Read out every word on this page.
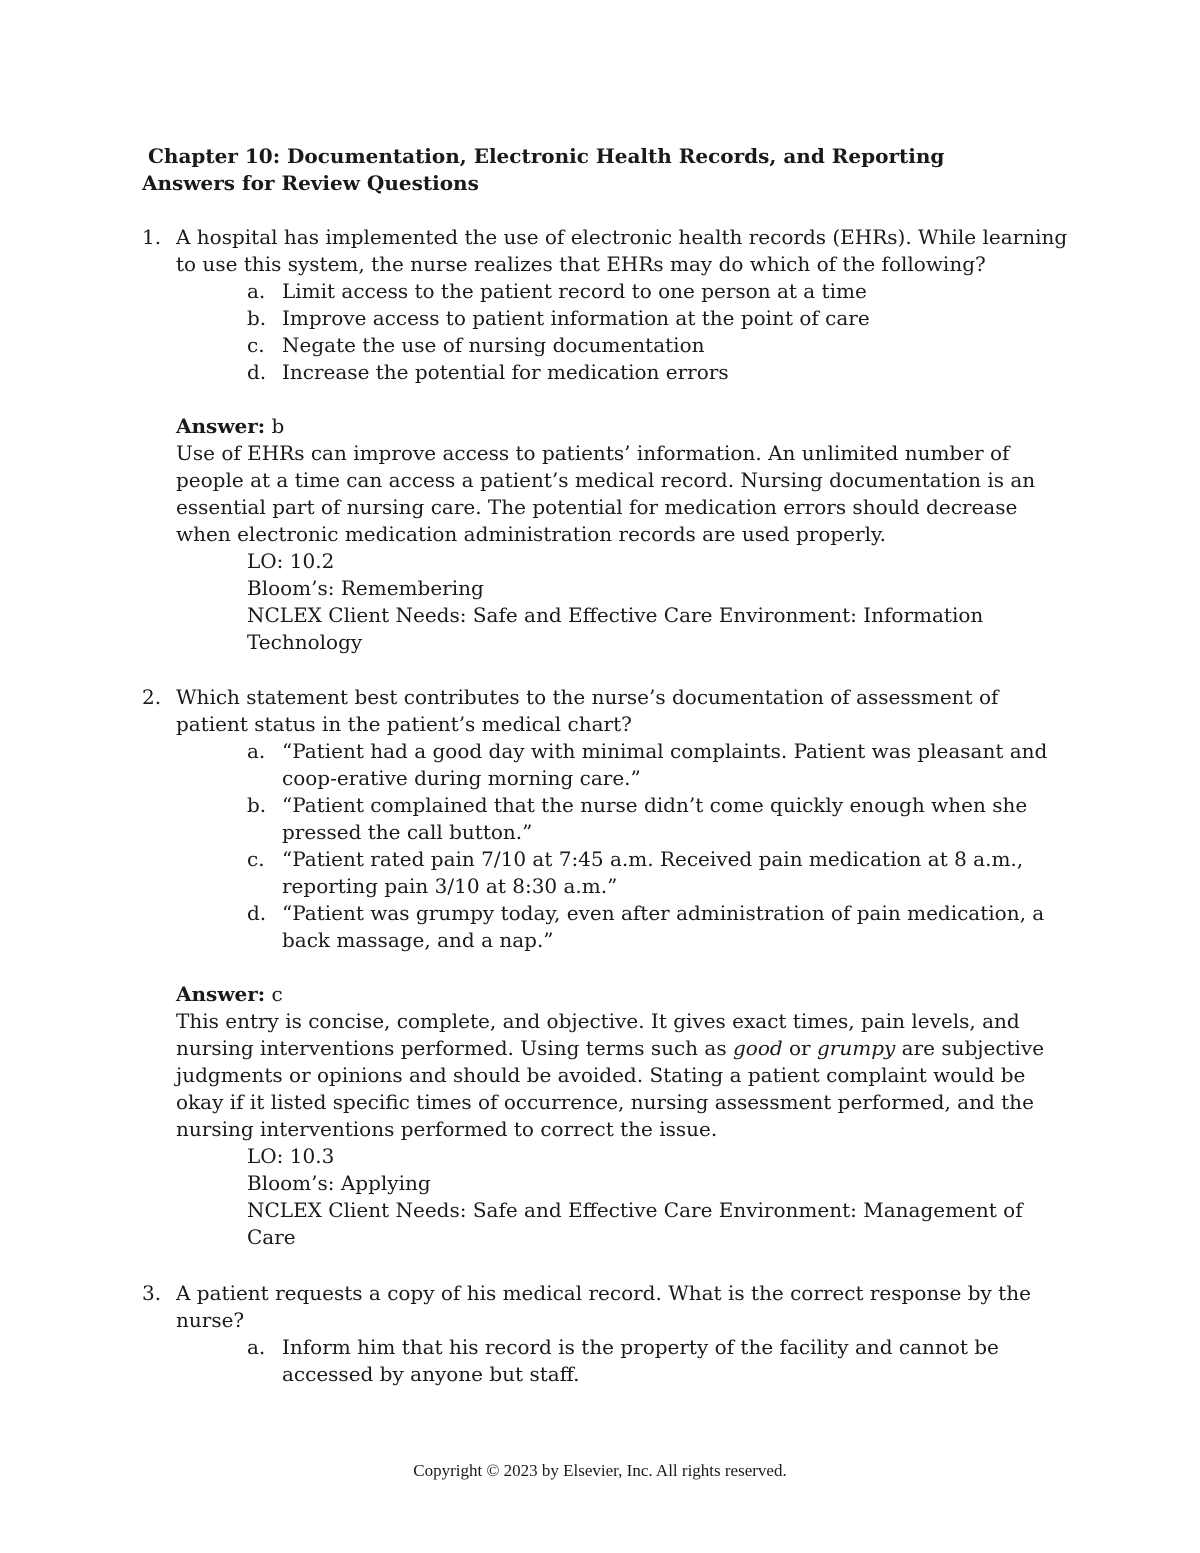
Chapter 10: Documentation, Electronic Health Records, and Reporting
Answers for Review Questions
1. A hospital has implemented the use of electronic health records (EHRs). While learning to use this system, the nurse realizes that EHRs may do which of the following?
a. Limit access to the patient record to one person at a time
b. Improve access to patient information at the point of care
c. Negate the use of nursing documentation
d. Increase the potential for medication errors
Answer: b
Use of EHRs can improve access to patients’ information. An unlimited number of people at a time can access a patient’s medical record. Nursing documentation is an essential part of nursing care. The potential for medication errors should decrease when electronic medication administration records are used properly.
LO: 10.2
Bloom’s: Remembering
NCLEX Client Needs: Safe and Effective Care Environment: Information Technology
2. Which statement best contributes to the nurse’s documentation of assessment of patient status in the patient’s medical chart?
a. “Patient had a good day with minimal complaints. Patient was pleasant and coop-erative during morning care.”
b. “Patient complained that the nurse didn’t come quickly enough when she pressed the call button.”
c. “Patient rated pain 7/10 at 7:45 a.m. Received pain medication at 8 a.m., reporting pain 3/10 at 8:30 a.m.”
d. “Patient was grumpy today, even after administration of pain medication, a back massage, and a nap.”
Answer: c
This entry is concise, complete, and objective. It gives exact times, pain levels, and nursing interventions performed. Using terms such as good or grumpy are subjective judgments or opinions and should be avoided. Stating a patient complaint would be okay if it listed specific times of occurrence, nursing assessment performed, and the nursing interventions performed to correct the issue.
LO: 10.3
Bloom’s: Applying
NCLEX Client Needs: Safe and Effective Care Environment: Management of Care
3. A patient requests a copy of his medical record. What is the correct response by the nurse?
a. Inform him that his record is the property of the facility and cannot be accessed by anyone but staff.
Copyright © 2023 by Elsevier, Inc. All rights reserved.
